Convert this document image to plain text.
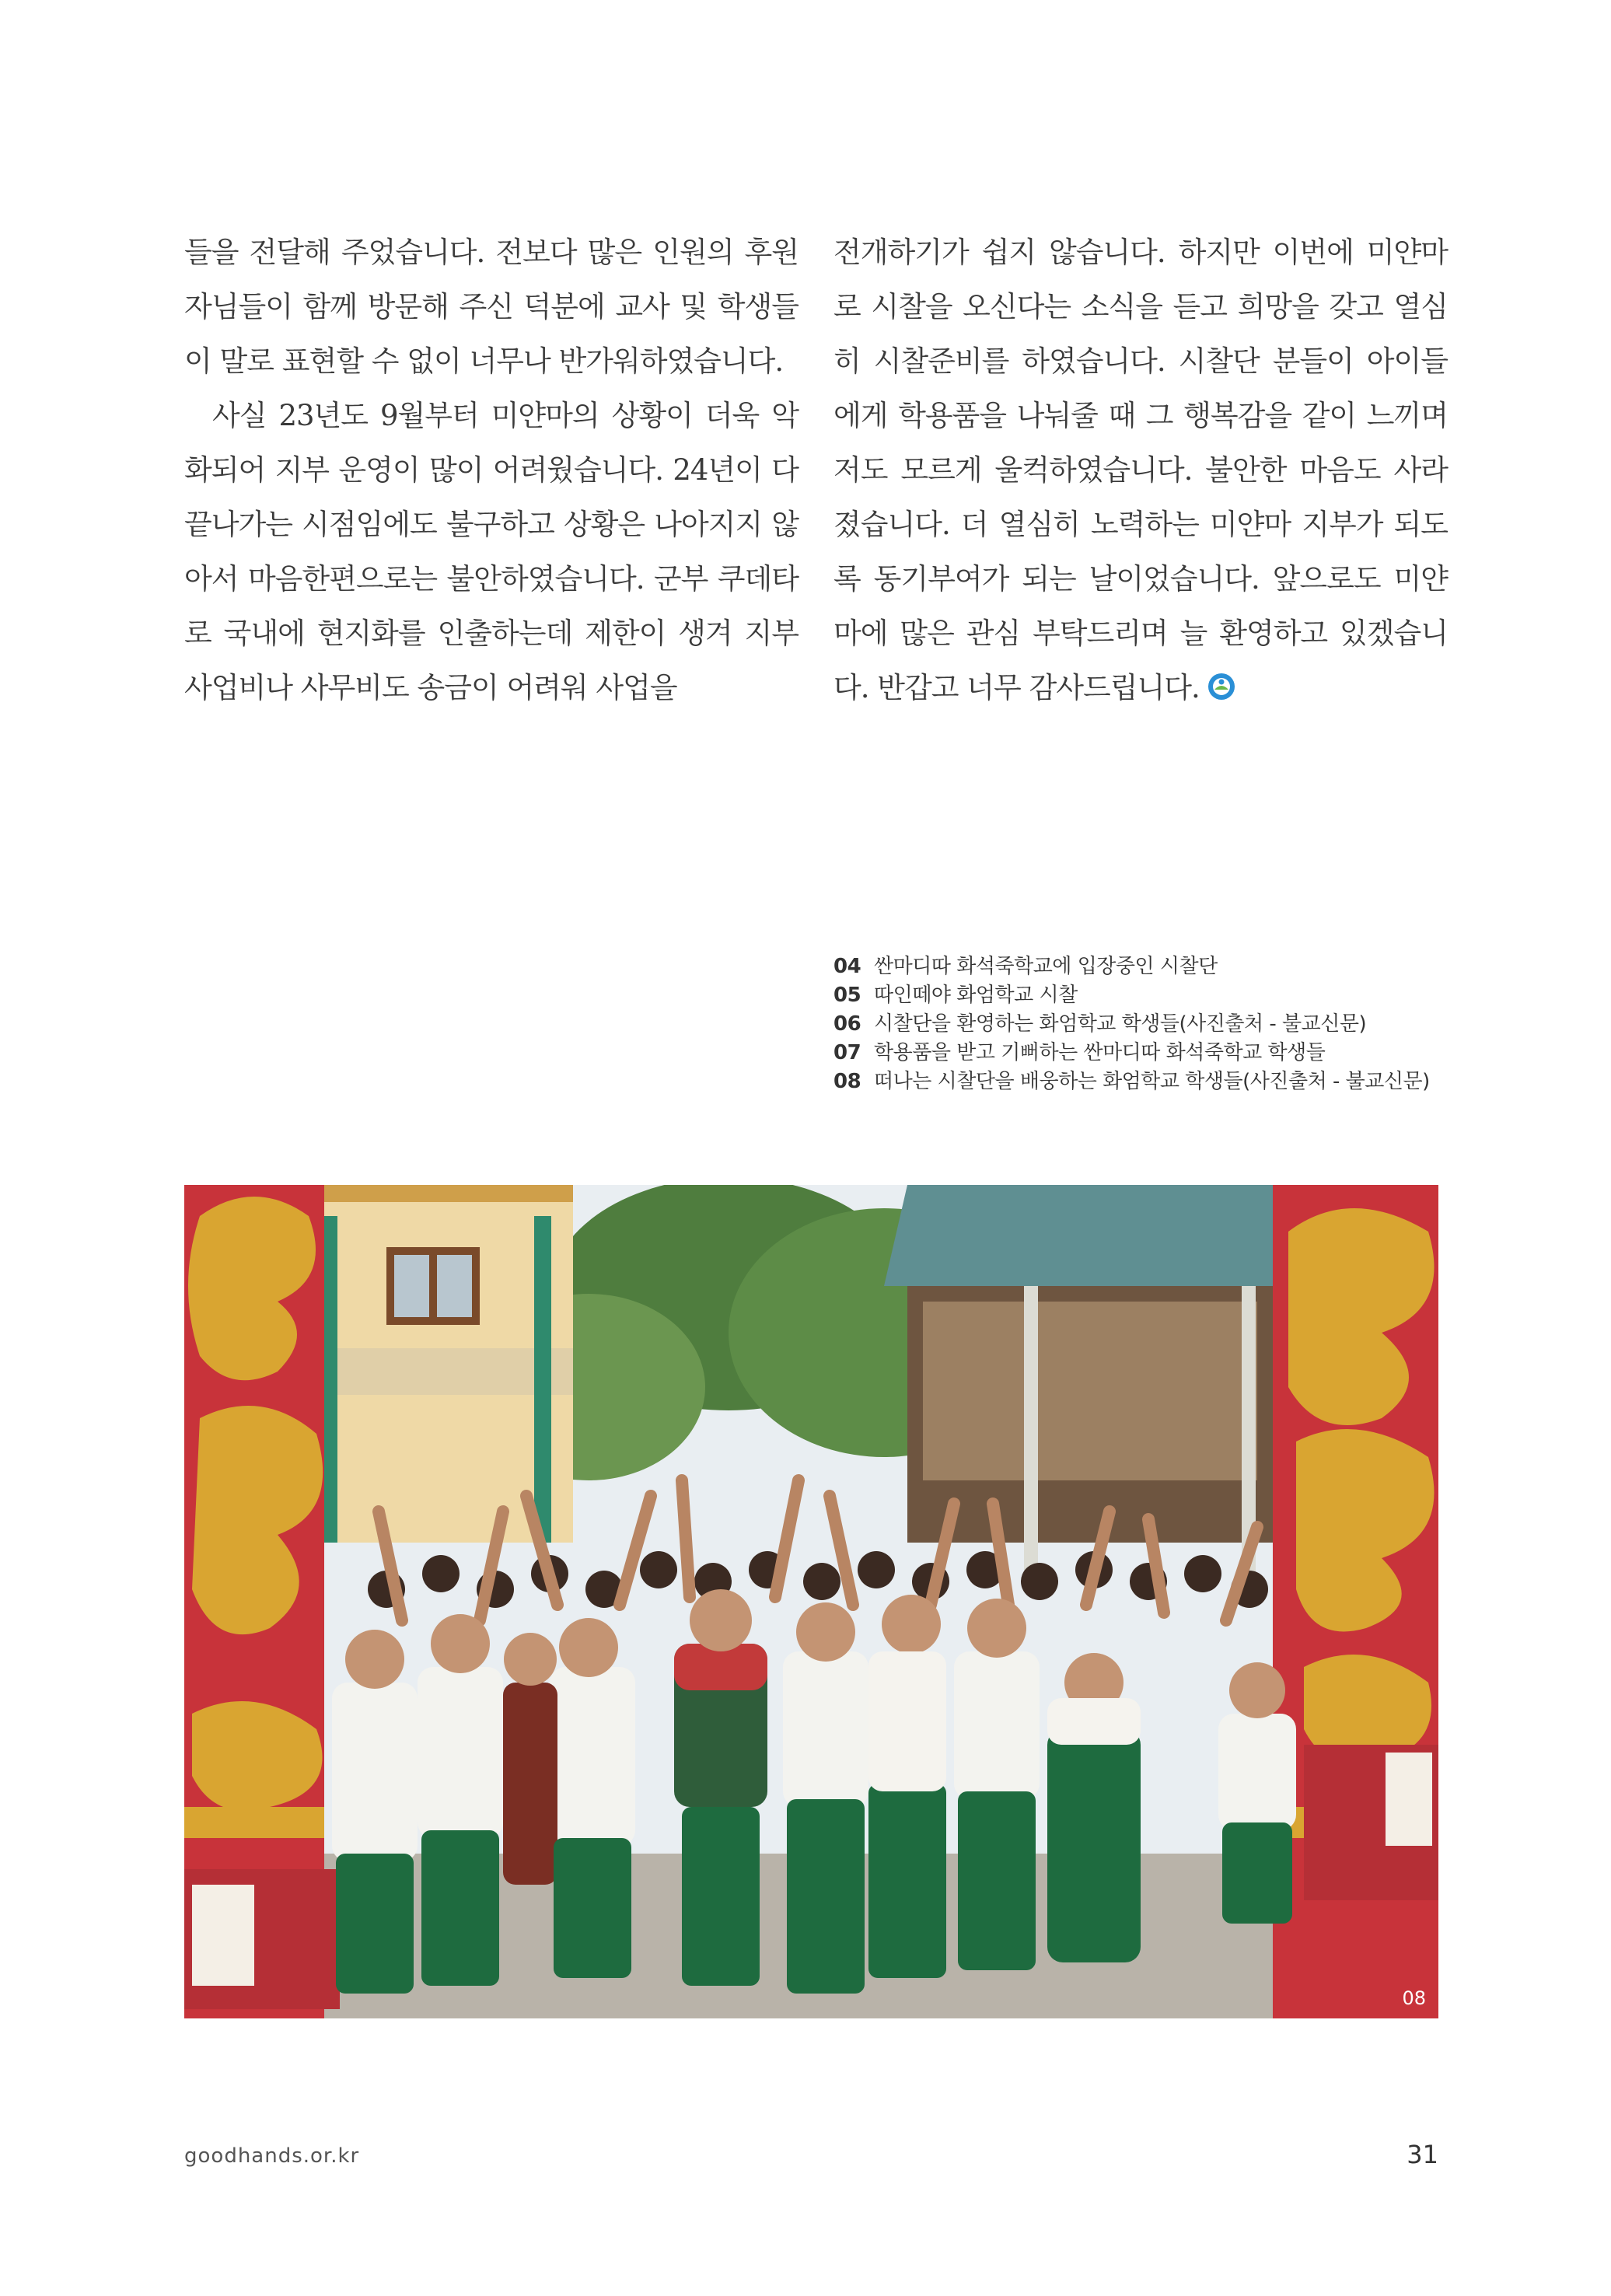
들을 전달해 주었습니다. 전보다 많은 인원의 후원자님들이 함께 방문해 주신 덕분에 교사 및 학생들이 말로 표현할 수 없이 너무나 반가워하였습니다.

사실 23년도 9월부터 미얀마의 상황이 더욱 악화되어 지부 운영이 많이 어려웠습니다. 24년이 다 끝나가는 시점임에도 불구하고 상황은 나아지지 않아서 마음한편으로는 불안하였습니다. 군부 쿠데타로 국내에 현지화를 인출하는데 제한이 생겨 지부 사업비나 사무비도 송금이 어려워 사업을

전개하기가 쉽지 않습니다. 하지만 이번에 미얀마로 시찰을 오신다는 소식을 듣고 희망을 갖고 열심히 시찰준비를 하였습니다. 시찰단 분들이 아이들에게 학용품을 나눠줄 때 그 행복감을 같이 느끼며 저도 모르게 울컥하였습니다. 불안한 마음도 사라졌습니다. 더 열심히 노력하는 미얀마 지부가 되도록 동기부여가 되는 날이었습니다. 앞으로도 미얀마에 많은 관심 부탁드리며 늘 환영하고 있겠습니다. 반갑고 너무 감사드립니다.

04 싼마디따 화석죽학교에 입장중인 시찰단
05 따인떼야 화엄학교 시찰
06 시찰단을 환영하는 화엄학교 학생들(사진출처 - 불교신문)
07 학용품을 받고 기뻐하는 싼마디따 화석죽학교 학생들
08 떠나는 시찰단을 배웅하는 화엄학교 학생들(사진출처 - 불교신문)
08
goodhands.or.kr	31
